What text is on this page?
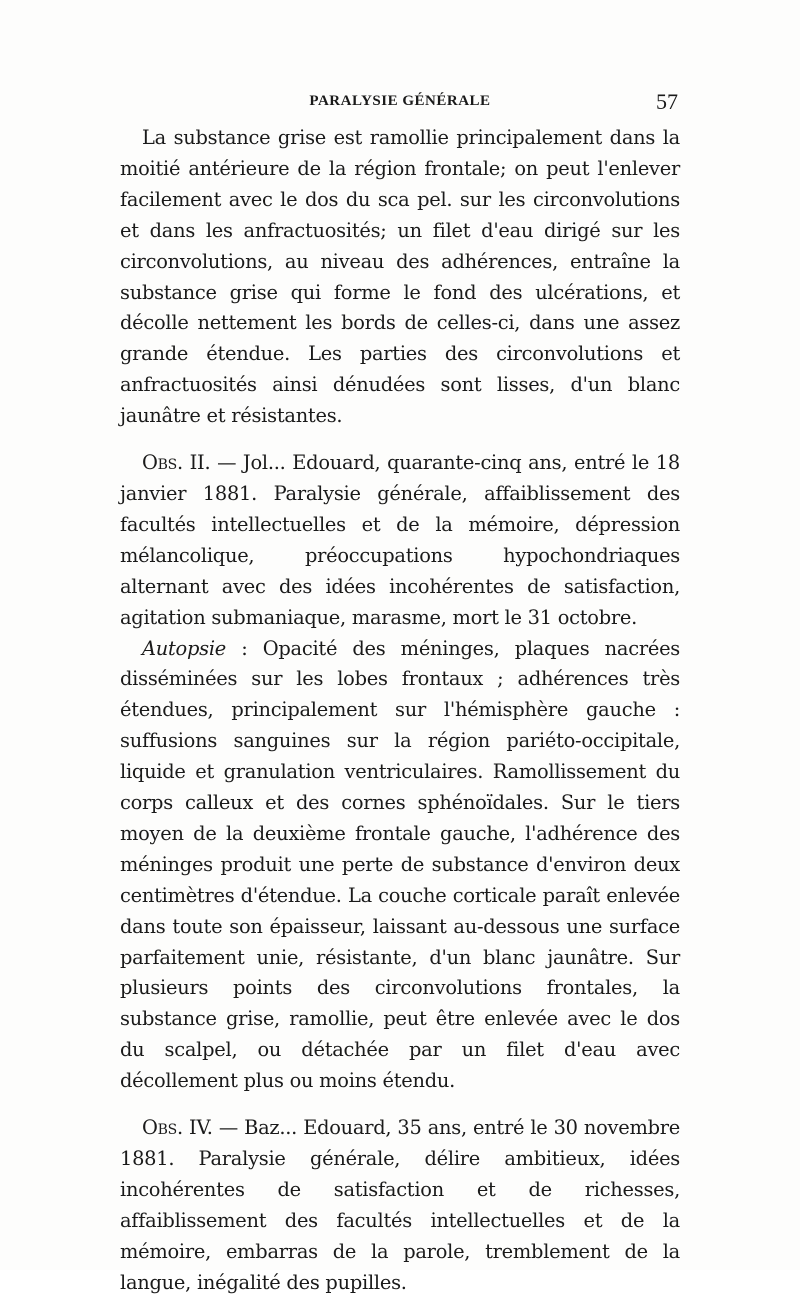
PARALYSIE GÉNÉRALE	57

La substance grise est ramollie principalement dans la moitié antérieure de la région frontale; on peut l'enlever facilement avec le dos du sca pel. sur les circonvolutions et dans les anfractuosités; un filet d'eau dirigé sur les circonvolutions, au niveau des adhérences, entraîne la substance grise qui forme le fond des ulcérations, et décolle nettement les bords de celles-ci, dans une assez grande étendue. Les parties des circonvolutions et anfractuosités ainsi dénudées sont lisses, d'un blanc jaunâtre et résistantes.

Obs. II. — Jol... Edouard, quarante-cinq ans, entré le 18 janvier 1881. Paralysie générale, affaiblissement des facultés intellectuelles et de la mémoire, dépression mélancolique, préoccupations hypochondriaques alternant avec des idées incohérentes de satisfaction, agitation submaniaque, marasme, mort le 31 octobre.

Autopsie : Opacité des méninges, plaques nacrées disséminées sur les lobes frontaux ; adhérences très étendues, principalement sur l'hémisphère gauche : suffusions sanguines sur la région pariéto-occipitale, liquide et granulation ventriculaires. Ramollissement du corps calleux et des cornes sphénoïdales. Sur le tiers moyen de la deuxième frontale gauche, l'adhérence des méninges produit une perte de substance d'environ deux centimètres d'étendue. La couche corticale paraît enlevée dans toute son épaisseur, laissant au-dessous une surface parfaitement unie, résistante, d'un blanc jaunâtre. Sur plusieurs points des circonvolutions frontales, la substance grise, ramollie, peut être enlevée avec le dos du scalpel, ou détachée par un filet d'eau avec décollement plus ou moins étendu.

Obs. IV. — Baz... Edouard, 35 ans, entré le 30 novembre 1881. Paralysie générale, délire ambitieux, idées incohérentes de satisfaction et de richesses, affaiblissement des facultés intellectuelles et de la mémoire, embarras de la parole, tremblement de la langue, inégalité des pupilles.
